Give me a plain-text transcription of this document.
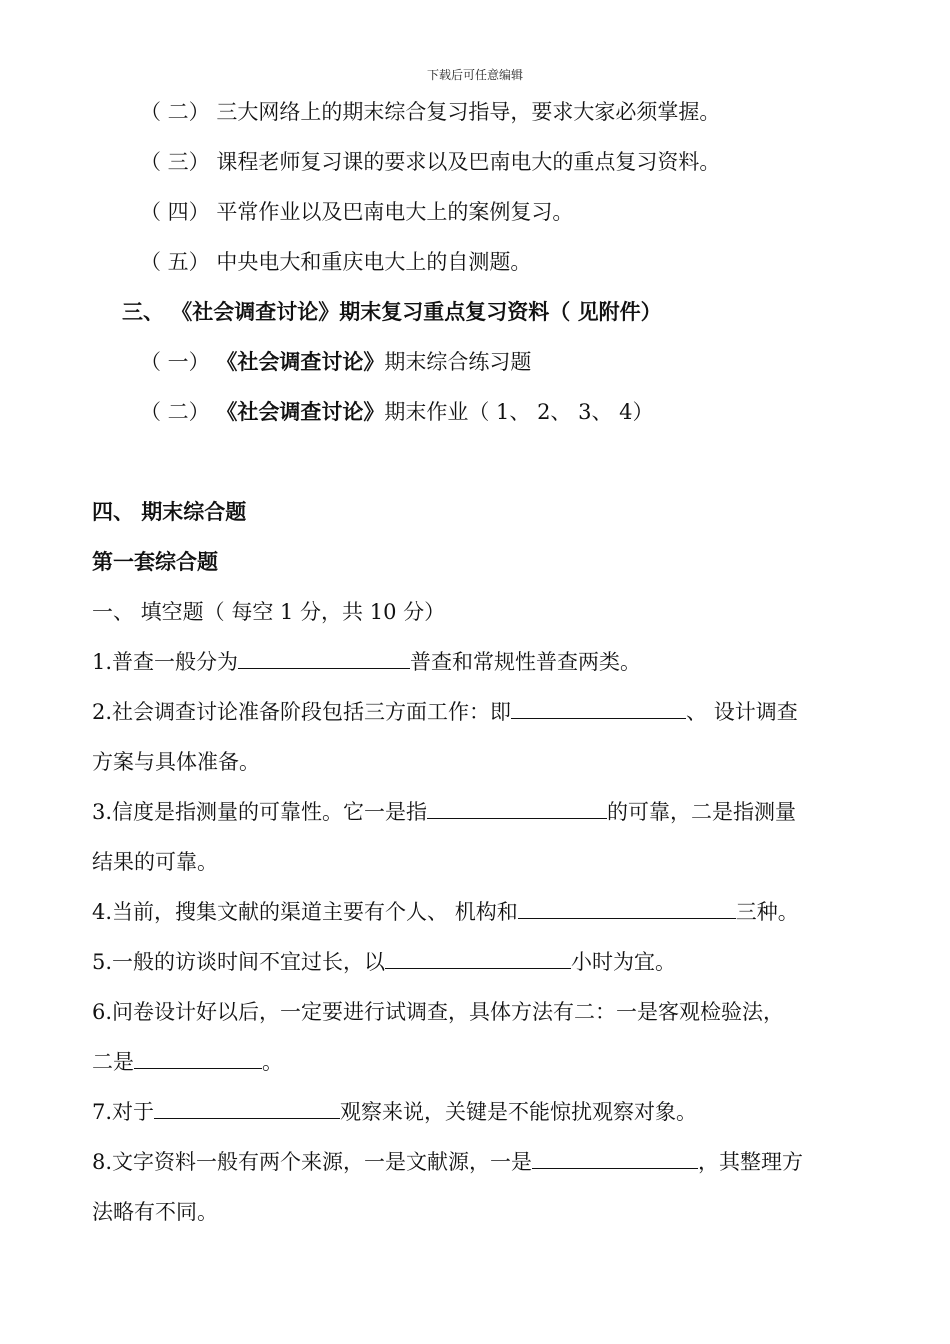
下载后可任意编辑
（ 二） 三大网络上的期末综合复习指导，要求大家必须掌握。
（ 三） 课程老师复习课的要求以及巴南电大的重点复习资料。
（ 四） 平常作业以及巴南电大上的案例复习。
（ 五） 中央电大和重庆电大上的自测题。
三、 《社会调查讨论》期末复习重点复习资料（ 见附件）
（ 一） 《社会调查讨论》期末综合练习题
（ 二） 《社会调查讨论》期末作业（ 1、 2、 3、 4）
四、 期末综合题
第一套综合题
一、 填空题（ 每空 1 分，共 10 分）
1.普查一般分为	普查和常规性普查两类。
2.社会调查讨论准备阶段包括三方面工作：即	、 设计调查
方案与具体准备。
3.信度是指测量的可靠性。它一是指	的可靠，二是指测量
结果的可靠。
4.当前，搜集文献的渠道主要有个人、 机构和	三种。
5.一般的访谈时间不宜过长，以	小时为宜。
6.问卷设计好以后，一定要进行试调查，具体方法有二：一是客观检验法，
二是	。
7.对于	观察来说，关键是不能惊扰观察对象。
8.文字资料一般有两个来源，一是文献源，一是	，其整理方
法略有不同。
